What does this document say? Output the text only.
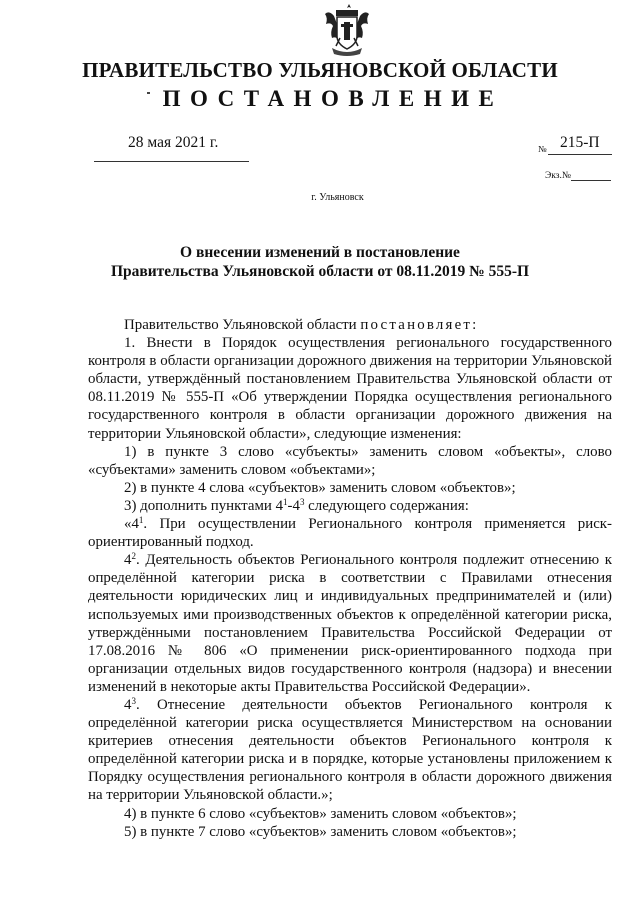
ПРАВИТЕЛЬСТВО УЛЬЯНОВСКОЙ ОБЛАСТИ
ПОСТАНОВЛЕНИЕ
28 мая 2021 г.	№ 215-П
Экз.№
г. Ульяновск
О внесении изменений в постановление
Правительства Ульяновской области от 08.11.2019 № 555-П

Правительство Ульяновской области постановляет:

1. Внести в Порядок осуществления регионального государственного контроля в области организации дорожного движения на территории Ульяновской области, утверждённый постановлением Правительства Ульяновской области от 08.11.2019 № 555-П «Об утверждении Порядка осуществления регионального государственного контроля в области организации дорожного движения на территории Ульяновской области», следующие изменения:

1) в пункте 3 слово «субъекты» заменить словом «объекты», слово «субъектами» заменить словом «объектами»;

2) в пункте 4 слова «субъектов» заменить словом «объектов»;

3) дополнить пунктами $4^1-4^3$ следующего содержания:

«$4^1$. При осуществлении Регионального контроля применяется риск-ориентированный подход.

$4^2$. Деятельность объектов Регионального контроля подлежит отнесению к определённой категории риска в соответствии с Правилами отнесения деятельности юридических лиц и индивидуальных предпринимателей и (или) используемых ими производственных объектов к определённой категории риска, утверждёнными постановлением Правительства Российской Федерации от 17.08.2016 № 806 «О применении риск-ориентированного подхода при организации отдельных видов государственного контроля (надзора) и внесении изменений в некоторые акты Правительства Российской Федерации».

$4^3$. Отнесение деятельности объектов Регионального контроля к определённой категории риска осуществляется Министерством на основании критериев отнесения деятельности объектов Регионального контроля к определённой категории риска и в порядке, которые установлены приложением к Порядку осуществления регионального контроля в области дорожного движения на территории Ульяновской области.»;

4) в пункте 6 слово «субъектов» заменить словом «объектов»;

5) в пункте 7 слово «субъектов» заменить словом «объектов»;
